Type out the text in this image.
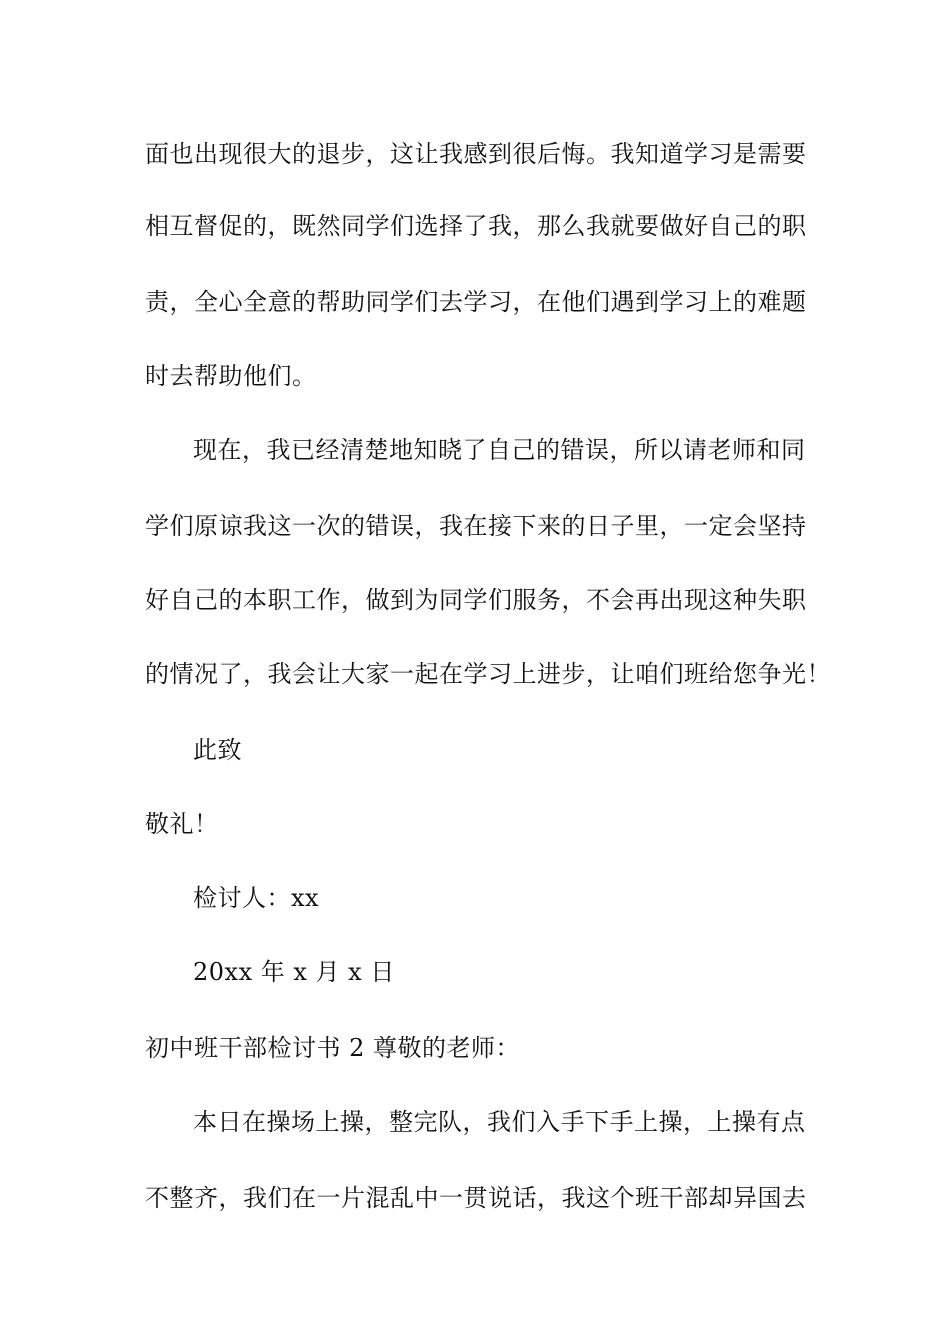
面也出现很大的退步，这让我感到很后悔。我知道学习是需要
相互督促的，既然同学们选择了我，那么我就要做好自己的职
责，全心全意的帮助同学们去学习，在他们遇到学习上的难题
时去帮助他们。
现在，我已经清楚地知晓了自己的错误，所以请老师和同
学们原谅我这一次的错误，我在接下来的日子里，一定会坚持
好自己的本职工作，做到为同学们服务，不会再出现这种失职
的情况了，我会让大家一起在学习上进步，让咱们班给您争光！
此致
敬礼！
检讨人：xx
20xx 年 x 月 x 日
初中班干部检讨书 2 尊敬的老师：
本日在操场上操，整完队，我们入手下手上操，上操有点
不整齐，我们在一片混乱中一贯说话，我这个班干部却异国去
